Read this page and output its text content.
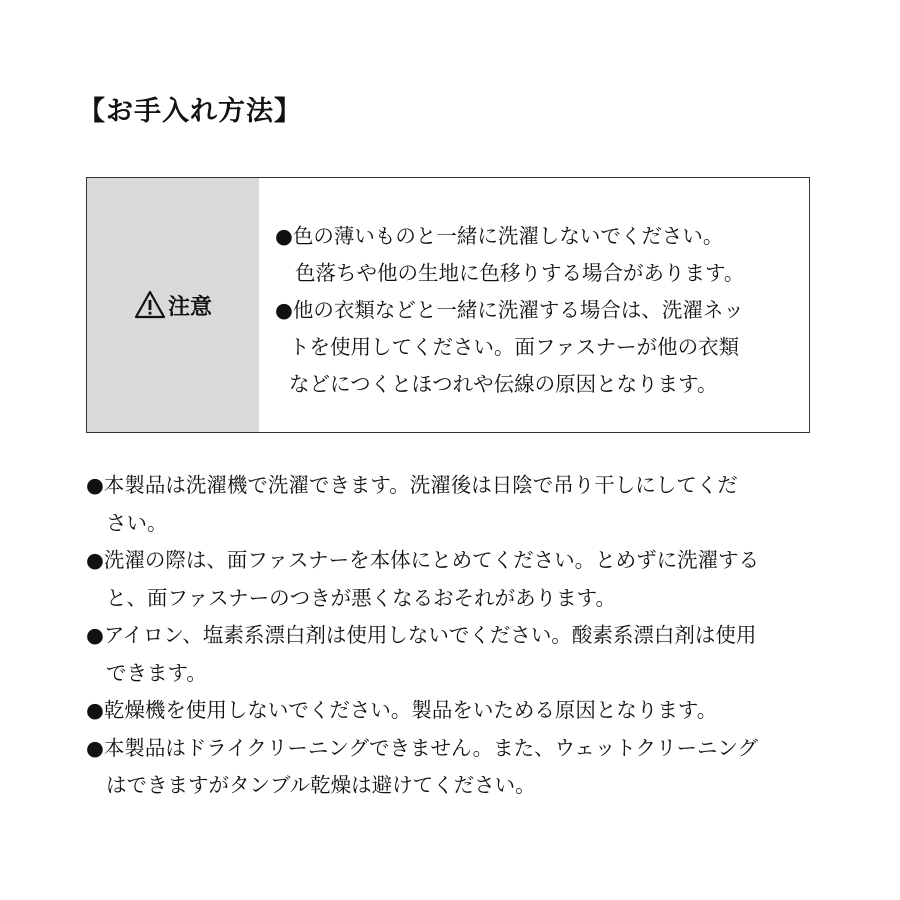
【お手入れ方法】
注意
●色の薄いものと一緒に洗濯しないでください。
色落ちや他の生地に色移りする場合があります。
●他の衣類などと一緒に洗濯する場合は、洗濯ネッ
トを使用してください。面ファスナーが他の衣類
などにつくとほつれや伝線の原因となります。
●本製品は洗濯機で洗濯できます。洗濯後は日陰で吊り干しにしてくだ
さい。
●洗濯の際は、面ファスナーを本体にとめてください。とめずに洗濯する
と、面ファスナーのつきが悪くなるおそれがあります。
●アイロン、塩素系漂白剤は使用しないでください。酸素系漂白剤は使用
できます。
●乾燥機を使用しないでください。製品をいためる原因となります。
●本製品はドライクリーニングできません。また、ウェットクリーニング
はできますがタンブル乾燥は避けてください。
